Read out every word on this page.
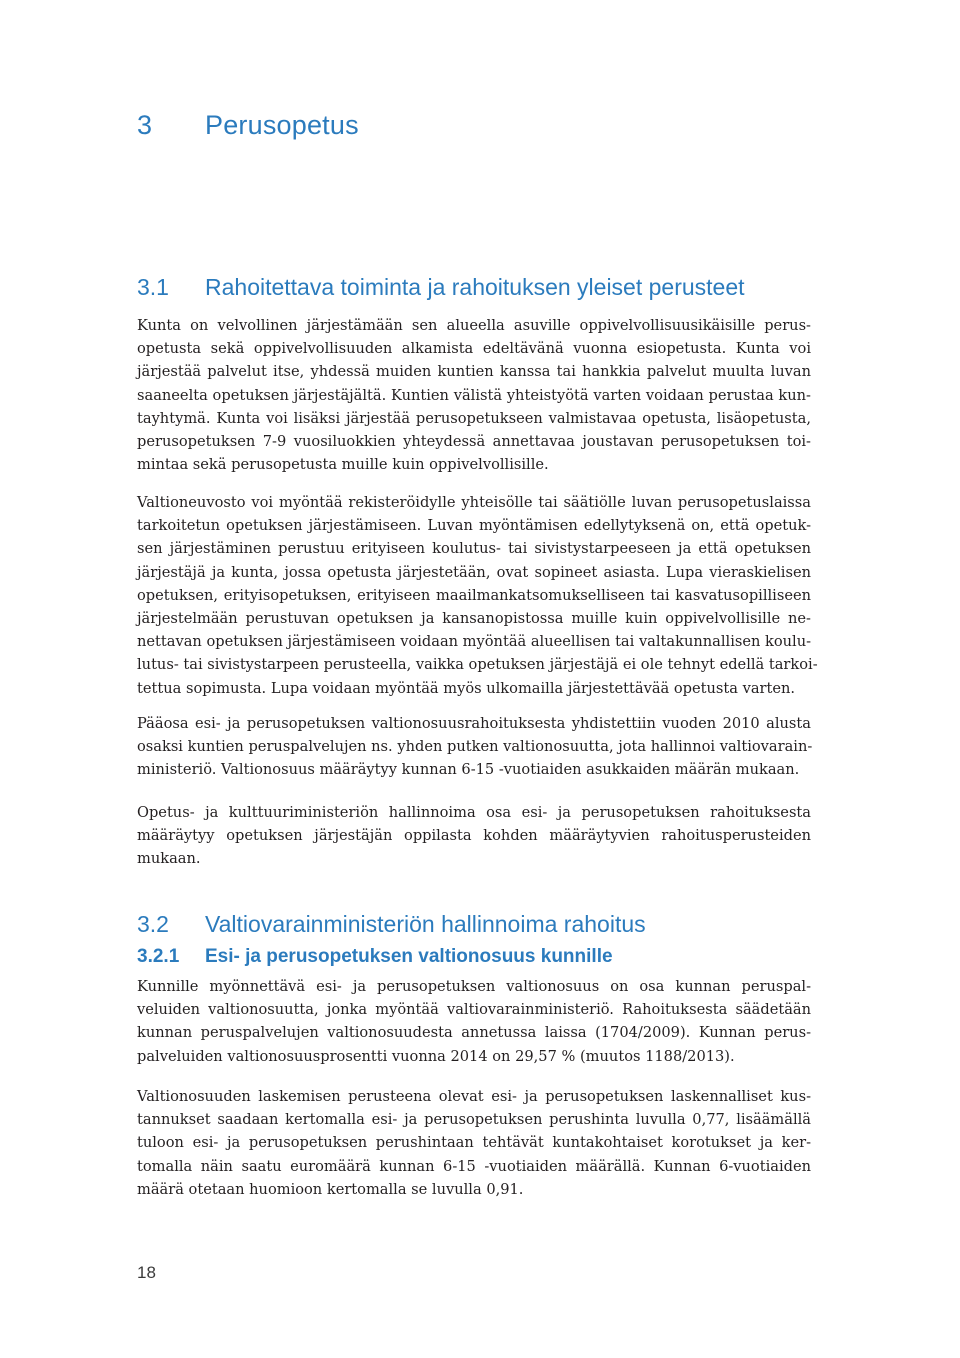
3 Perusopetus
3.1 Rahoitettava toiminta ja rahoituksen yleiset perusteet
Kunta on velvollinen järjestämään sen alueella asuville oppivelvollisuusikäisille perus-
opetusta sekä oppivelvollisuuden alkamista edeltävänä vuonna esiopetusta. Kunta voi
järjestää palvelut itse, yhdessä muiden kuntien kanssa tai hankkia palvelut muulta luvan
saaneelta opetuksen järjestäjältä. Kuntien välistä yhteistyötä varten voidaan perustaa kun-
tayhtymä. Kunta voi lisäksi järjestää perusopetukseen valmistavaa opetusta, lisäopetusta,
perusopetuksen 7-9 vuosiluokkien yhteydessä annettavaa joustavan perusopetuksen toi-
mintaa sekä perusopetusta muille kuin oppivelvollisille.
Valtioneuvosto voi myöntää rekisteröidylle yhteisölle tai säätiölle luvan perusopetuslaissa
tarkoitetun opetuksen järjestämiseen. Luvan myöntämisen edellytyksenä on, että opetuk-
sen järjestäminen perustuu erityiseen koulutus- tai sivistystarpeeseen ja että opetuksen
järjestäjä ja kunta, jossa opetusta järjestetään, ovat sopineet asiasta. Lupa vieraskielisen
opetuksen, erityisopetuksen, erityiseen maailmankatsomukselliseen tai kasvatusopilliseen
järjestelmään perustuvan opetuksen ja kansanopistossa muille kuin oppivelvollisille ne-
nettavan opetuksen järjestämiseen voidaan myöntää alueellisen tai valtakunnallisen koulu-
lutus- tai sivistystarpeen perusteella, vaikka opetuksen järjestäjä ei ole tehnyt edellä tarkoi-
tettua sopimusta. Lupa voidaan myöntää myös ulkomailla järjestettävää opetusta varten.
Pääosa esi- ja perusopetuksen valtionosuusrahoituksesta yhdistettiin vuoden 2010 alusta
osaksi kuntien peruspalvelujen ns. yhden putken valtionosuutta, jota hallinnoi valtiovarain-
ministeriö. Valtionosuus määräytyy kunnan 6-15 -vuotiaiden asukkaiden määrän mukaan.
Opetus- ja kulttuuriministeriön hallinnoima osa esi- ja perusopetuksen rahoituksesta
määräytyy opetuksen järjestäjän oppilasta kohden määräytyvien rahoitusperusteiden
mukaan.
3.2 Valtiovarainministeriön hallinnoima rahoitus
3.2.1 Esi- ja perusopetuksen valtionosuus kunnille
Kunnille myönnettävä esi- ja perusopetuksen valtionosuus on osa kunnan peruspal-
veluiden valtionosuutta, jonka myöntää valtiovarainministeriö. Rahoituksesta säädetään
kunnan peruspalvelujen valtionosuudesta annetussa laissa (1704/2009). Kunnan perus-
palveluiden valtionosuusprosentti vuonna 2014 on 29,57 % (muutos 1188/2013).
Valtionosuuden laskemisen perusteena olevat esi- ja perusopetuksen laskennalliset kus-
tannukset saadaan kertomalla esi- ja perusopetuksen perushinta luvulla 0,77, lisäämällä
tuloon esi- ja perusopetuksen perushintaan tehtävät kuntakohtaiset korotukset ja ker-
tomalla näin saatu euromäärä kunnan 6-15 -vuotiaiden määrällä. Kunnan 6-vuotiaiden
määrä otetaan huomioon kertomalla se luvulla 0,91.
18
